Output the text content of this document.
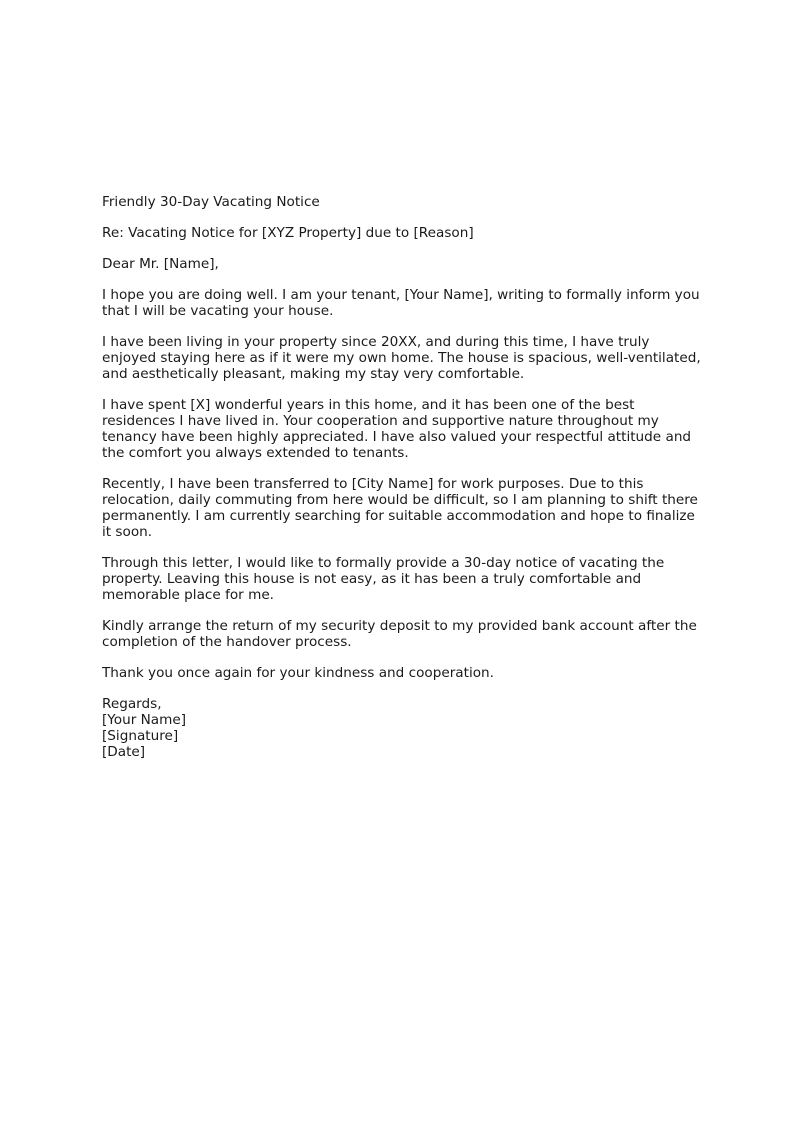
Friendly 30-Day Vacating Notice

Re: Vacating Notice for [XYZ Property] due to [Reason]

Dear Mr. [Name],

I hope you are doing well. I am your tenant, [Your Name], writing to formally inform you that I will be vacating your house.

I have been living in your property since 20XX, and during this time, I have truly enjoyed staying here as if it were my own home. The house is spacious, well-ventilated, and aesthetically pleasant, making my stay very comfortable.

I have spent [X] wonderful years in this home, and it has been one of the best residences I have lived in. Your cooperation and supportive nature throughout my tenancy have been highly appreciated. I have also valued your respectful attitude and the comfort you always extended to tenants.

Recently, I have been transferred to [City Name] for work purposes. Due to this relocation, daily commuting from here would be difficult, so I am planning to shift there permanently. I am currently searching for suitable accommodation and hope to finalize it soon.

Through this letter, I would like to formally provide a 30-day notice of vacating the property. Leaving this house is not easy, as it has been a truly comfortable and memorable place for me.

Kindly arrange the return of my security deposit to my provided bank account after the completion of the handover process.

Thank you once again for your kindness and cooperation.

Regards,
[Your Name]
[Signature]
[Date]
